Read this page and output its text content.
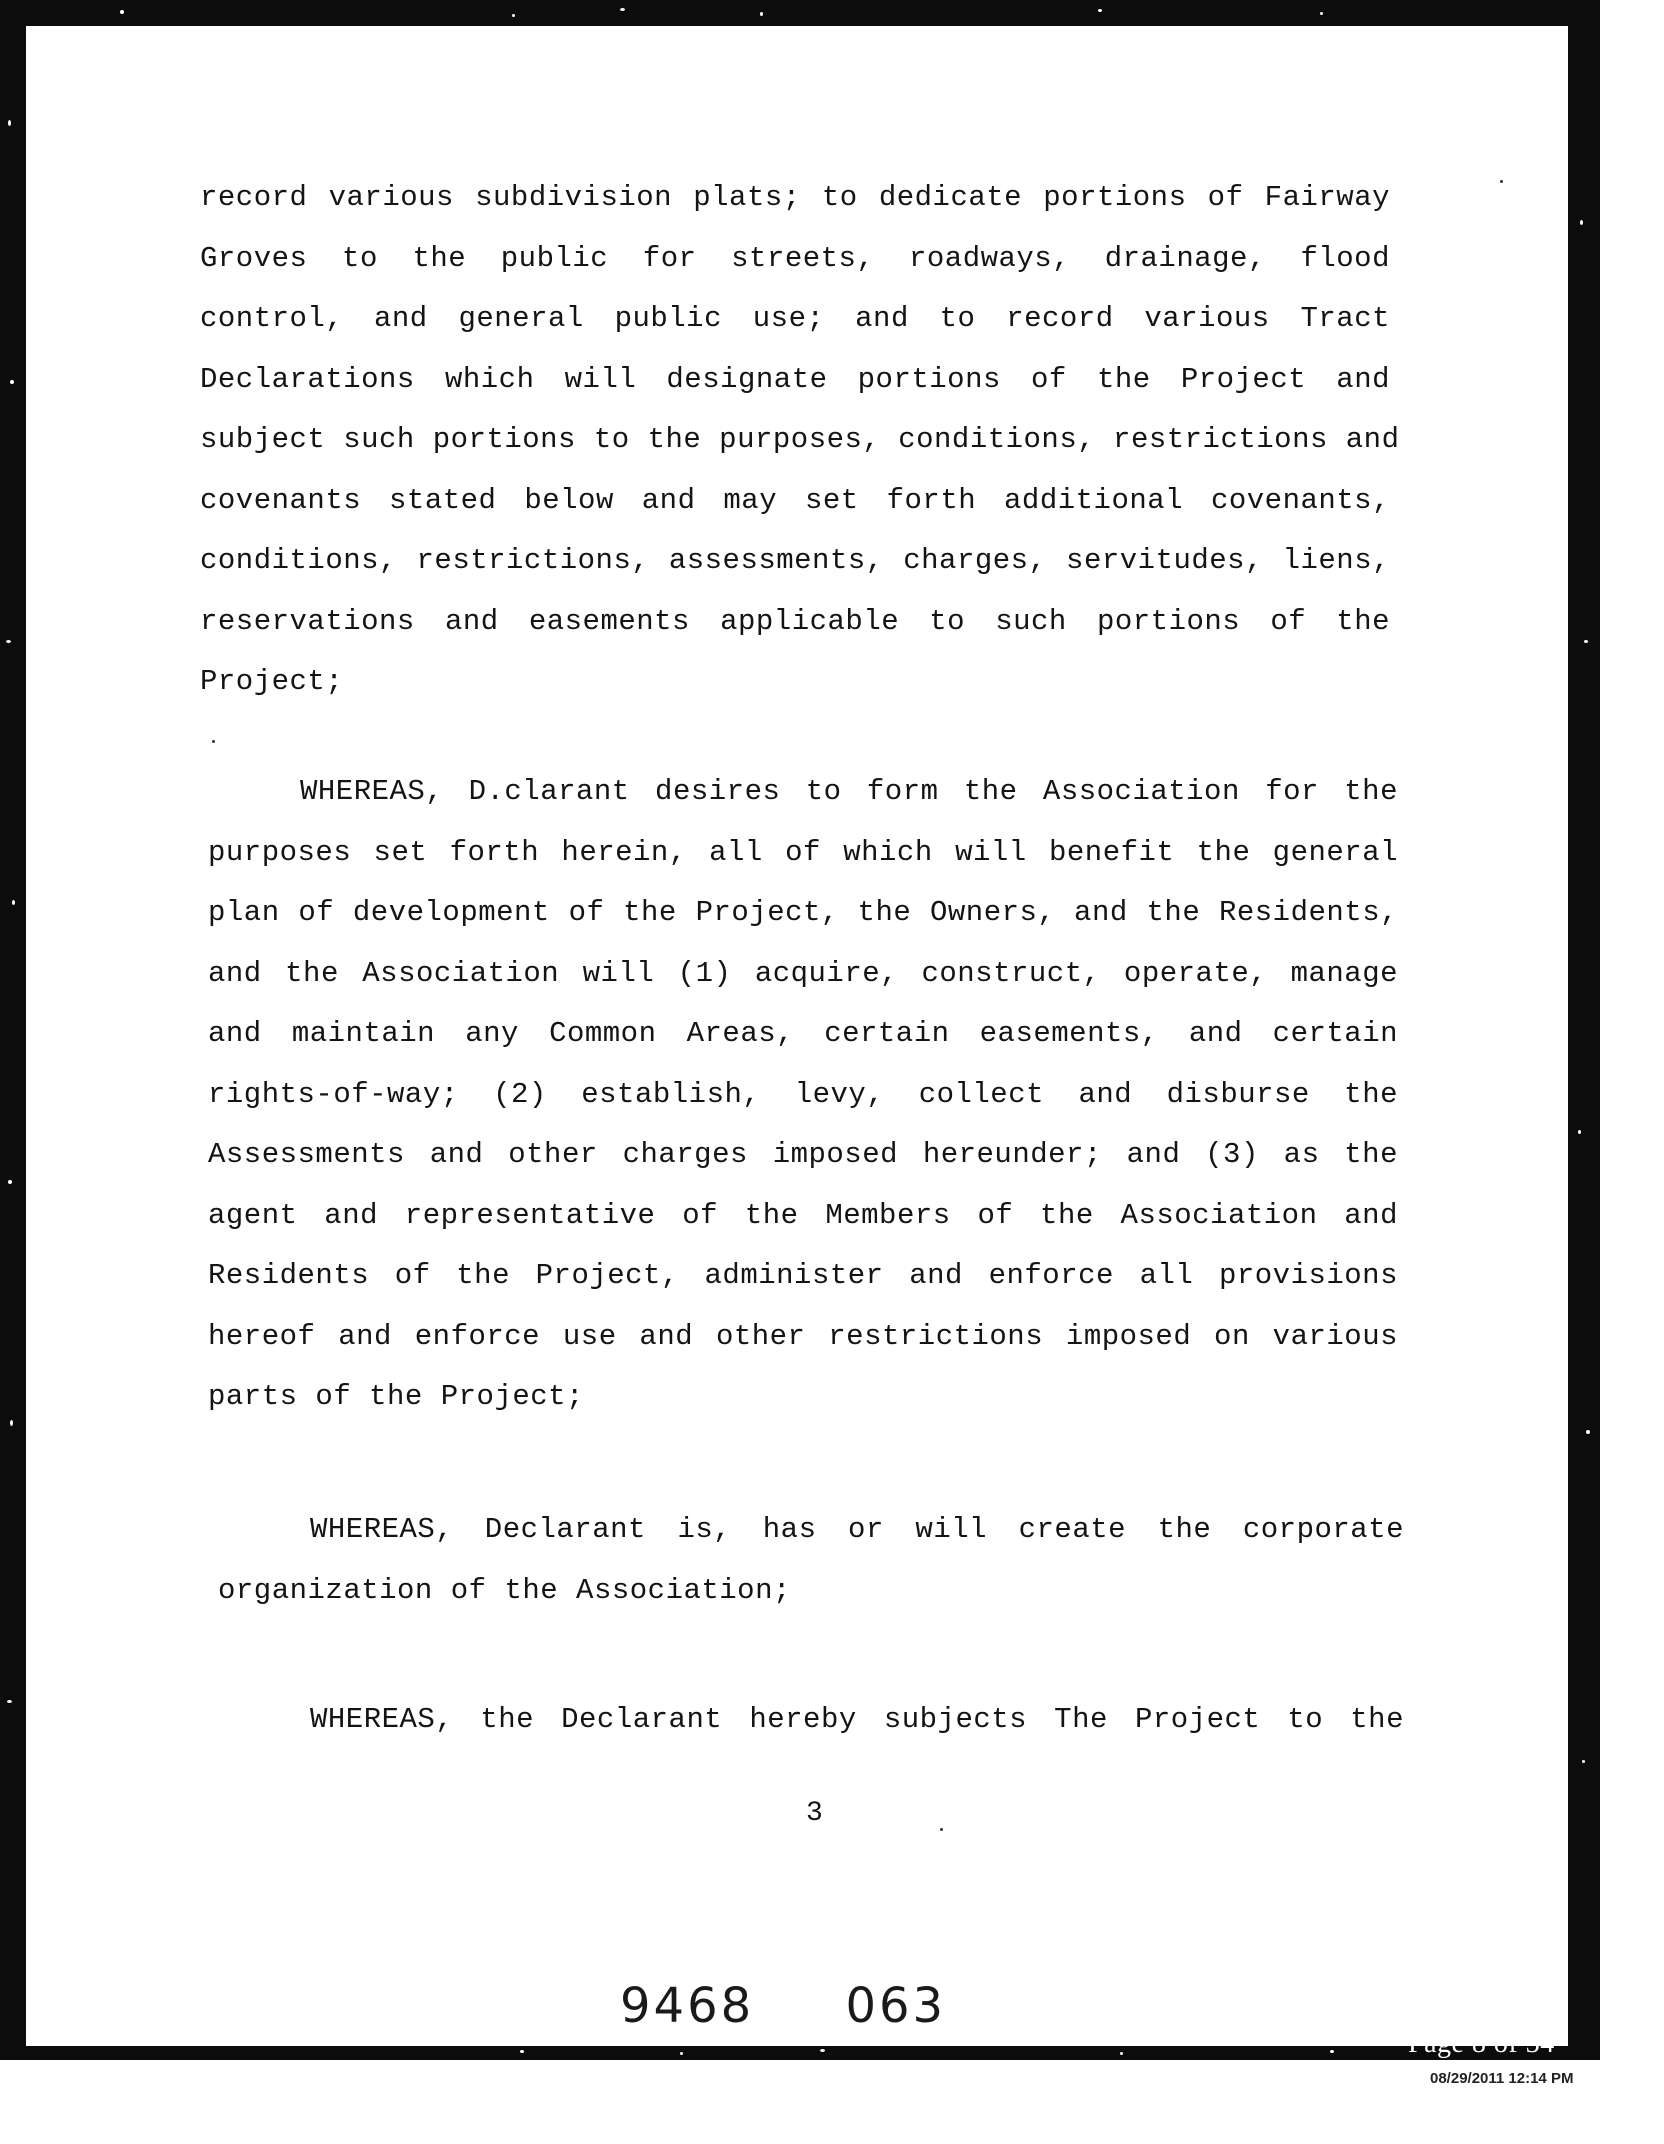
record various subdivision plats; to dedicate portions of Fairway
Groves to the public for streets, roadways, drainage, flood
control, and general public use; and to record various Tract
Declarations which will designate portions of the Project and
subject such portions to the purposes, conditions, restrictions and
covenants stated below and may set forth additional covenants,
conditions, restrictions, assessments, charges, servitudes, liens,
reservations and easements applicable to such portions of the
Project;
WHEREAS, D.clarant desires to form the Association for the
purposes set forth herein, all of which will benefit the general
plan of development of the Project, the Owners, and the Residents,
and the Association will (1) acquire, construct, operate, manage
and maintain any Common Areas, certain easements, and certain
rights-of-way; (2) establish, levy, collect and disburse the
Assessments and other charges imposed hereunder; and (3) as the
agent and representative of the Members of the Association and
Residents of the Project, administer and enforce all provisions
hereof and enforce use and other restrictions imposed on various
parts of the Project;
WHEREAS, Declarant is, has or will create the corporate
organization of the Association;
WHEREAS, the Declarant hereby subjects The Project to the
3
9468     063
Page 8 of 34
08/29/2011 12:14 PM
